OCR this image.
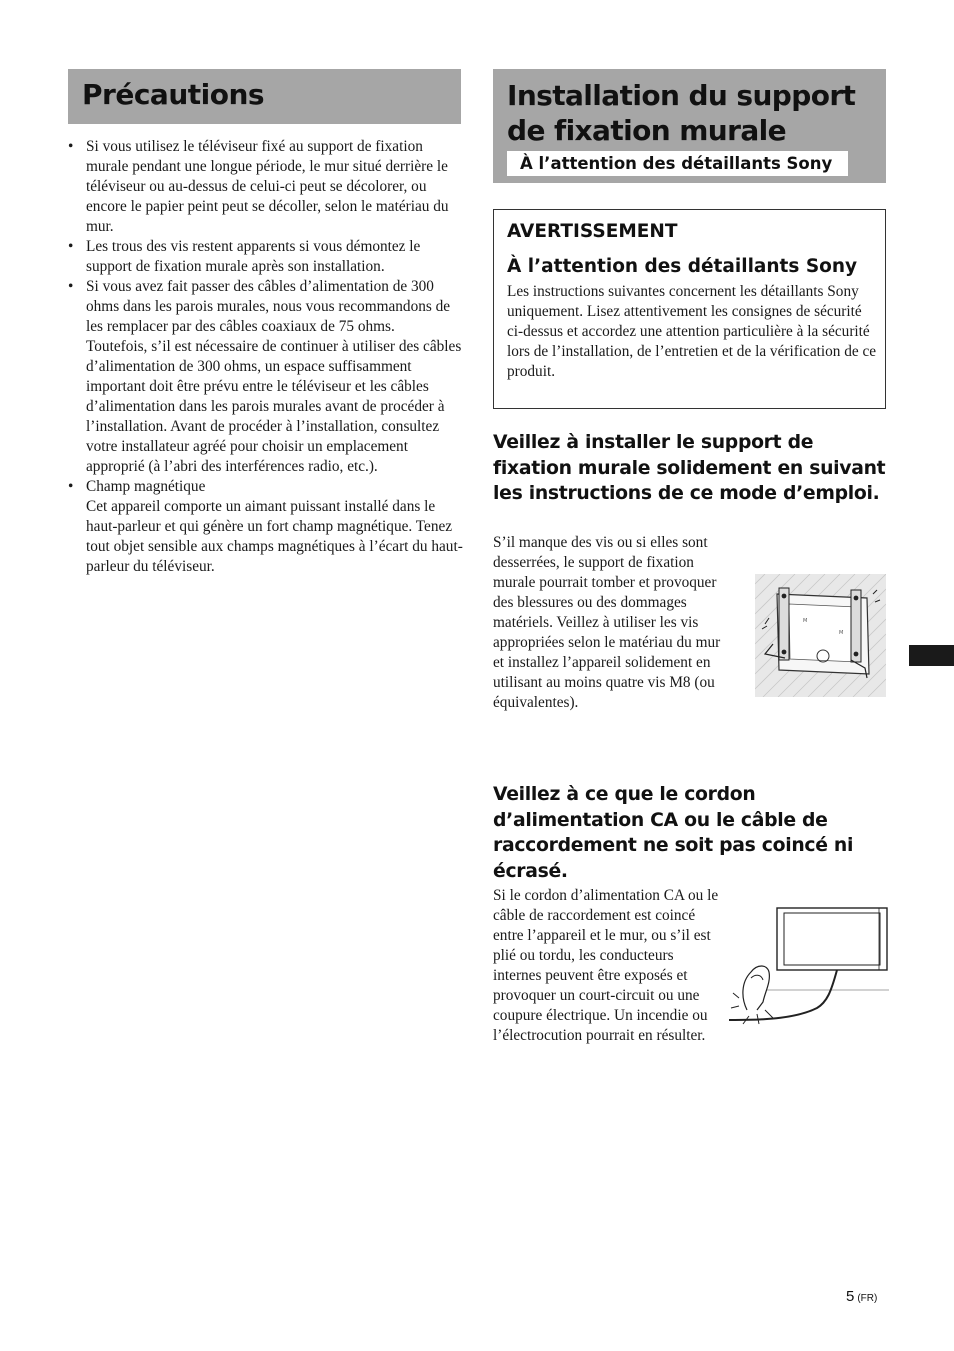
Précautions
• Si vous utilisez le téléviseur fixé au support de fixation murale pendant une longue période, le mur situé derrière le téléviseur ou au-dessus de celui-ci peut se décolorer, ou encore le papier peint peut se décoller, selon le matériau du mur.

• Les trous des vis restent apparents si vous démontez le support de fixation murale après son installation.

• Si vous avez fait passer des câbles d’alimentation de 300 ohms dans les parois murales, nous vous recommandons de les remplacer par des câbles coaxiaux de 75 ohms.

Toutefois, s’il est nécessaire de continuer à utiliser des câbles d’alimentation de 300 ohms, un espace suffisamment important doit être prévu entre le téléviseur et les câbles d’alimentation dans les parois murales avant de procéder à l’installation. Avant de procéder à l’installation, consultez votre installateur agréé pour choisir un emplacement approprié (à l’abri des interférences radio, etc.).

• Champ magnétique

Cet appareil comporte un aimant puissant installé dans le haut-parleur et qui génère un fort champ magnétique. Tenez tout objet sensible aux champs magnétiques à l’écart du haut-parleur du téléviseur.

Installation du support de fixation murale
À l’attention des détaillants Sony
AVERTISSEMENT
À l’attention des détaillants Sony

Les instructions suivantes concernent les détaillants Sony uniquement. Lisez attentivement les consignes de sécurité ci-dessus et accordez une attention particulière à la sécurité lors de l’installation, de l’entretien et de la vérification de ce produit.

Veillez à installer le support de fixation murale solidement en suivant les instructions de ce mode d’emploi.

S’il manque des vis ou si elles sont desserrées, le support de fixation murale pourrait tomber et provoquer des blessures ou des dommages matériels. Veillez à utiliser les vis appropriées selon le matériau du mur et installez l’appareil solidement en utilisant au moins quatre vis M8 (ou équivalentes).

M
M
Veillez à ce que le cordon d’alimentation CA ou le câble de raccordement ne soit pas coincé ni écrasé.

Si le cordon d’alimentation CA ou le câble de raccordement est coincé entre l’appareil et le mur, ou s’il est plié ou tordu, les conducteurs internes peuvent être exposés et provoquer un court-circuit ou une coupure électrique. Un incendie ou l’électrocution pourrait en résulter.

5 (FR)
